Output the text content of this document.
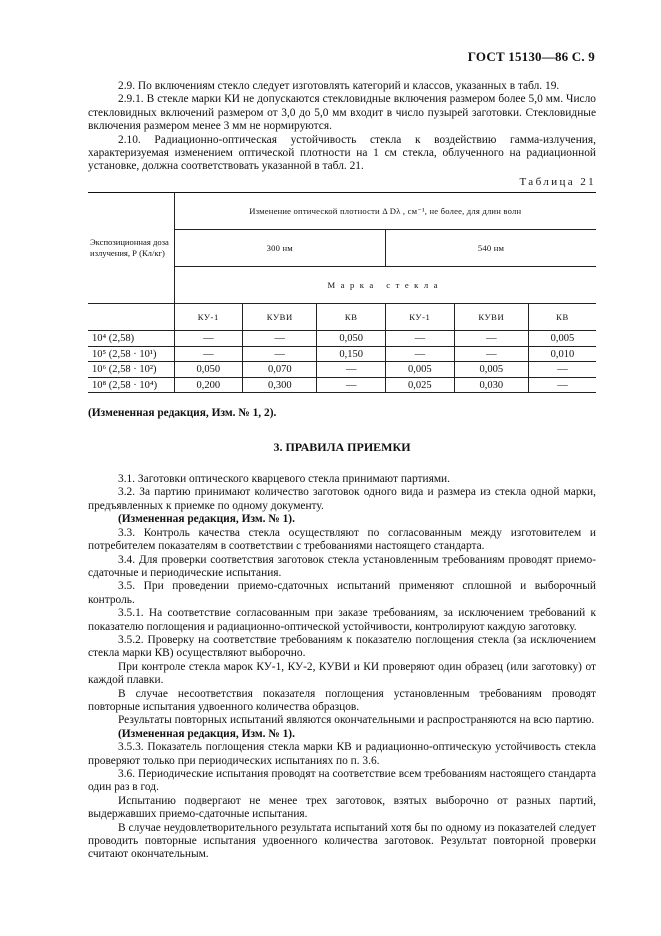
ГОСТ 15130—86 С. 9

2.9. По включениям стекло следует изготовлять категорий и классов, указанных в табл. 19.

2.9.1. В стекле марки КИ не допускаются стекловидные включения размером более 5,0 мм. Число стекловидных включений размером от 3,0 до 5,0 мм входит в число пузырей заготовки. Стекловидные включения размером менее 3 мм не нормируются.

2.10. Радиационно-оптическая устойчивость стекла к воздействию гамма-излучения, характеризуемая изменением оптической плотности на 1 см стекла, облученного на радиационной установке, должна соответствовать указанной в табл. 21.

Таблица 21
Экспозиционная доза излучения, Р (Кл/кг)	Изменение оптической плотности Δ Dλ , см⁻¹, не более, для длин волн					
	300 нм			540 нм		
	Марка стекла					
	КУ-1	КУВИ	КВ	КУ-1	КУВИ	КВ
10⁴ (2,58)	—	—	0,050	—	—	0,005
10⁵ (2,58 · 10¹)	—	—	0,150	—	—	0,010
10⁶ (2,58 · 10²)	0,050	0,070	—	0,005	0,005	—
10⁸ (2,58 · 10⁴)	0,200	0,300	—	0,025	0,030	—

(Измененная редакция, Изм. № 1, 2).

3. ПРАВИЛА ПРИЕМКИ

3.1. Заготовки оптического кварцевого стекла принимают партиями.

3.2. За партию принимают количество заготовок одного вида и размера из стекла одной марки, предъявленных к приемке по одному документу.

(Измененная редакция, Изм. № 1).

3.3. Контроль качества стекла осуществляют по согласованным между изготовителем и потребителем показателям в соответствии с требованиями настоящего стандарта.

3.4. Для проверки соответствия заготовок стекла установленным требованиям проводят приемо-сдаточные и периодические испытания.

3.5. При проведении приемо-сдаточных испытаний применяют сплошной и выборочный контроль.

3.5.1. На соответствие согласованным при заказе требованиям, за исключением требований к показателю поглощения и радиационно-оптической устойчивости, контролируют каждую заготовку.

3.5.2. Проверку на соответствие требованиям к показателю поглощения стекла (за исключением стекла марки КВ) осуществляют выборочно.

При контроле стекла марок КУ-1, КУ-2, КУВИ и КИ проверяют один образец (или заготовку) от каждой плавки.

В случае несоответствия показателя поглощения установленным требованиям проводят повторные испытания удвоенного количества образцов.

Результаты повторных испытаний являются окончательными и распространяются на всю партию.

(Измененная редакция, Изм. № 1).

3.5.3. Показатель поглощения стекла марки КВ и радиационно-оптическую устойчивость стекла проверяют только при периодических испытаниях по п. 3.6.

3.6. Периодические испытания проводят на соответствие всем требованиям настоящего стандарта один раз в год.

Испытанию подвергают не менее трех заготовок, взятых выборочно от разных партий, выдержавших приемо-сдаточные испытания.

В случае неудовлетворительного результата испытаний хотя бы по одному из показателей следует проводить повторные испытания удвоенного количества заготовок. Результат повторной проверки считают окончательным.
